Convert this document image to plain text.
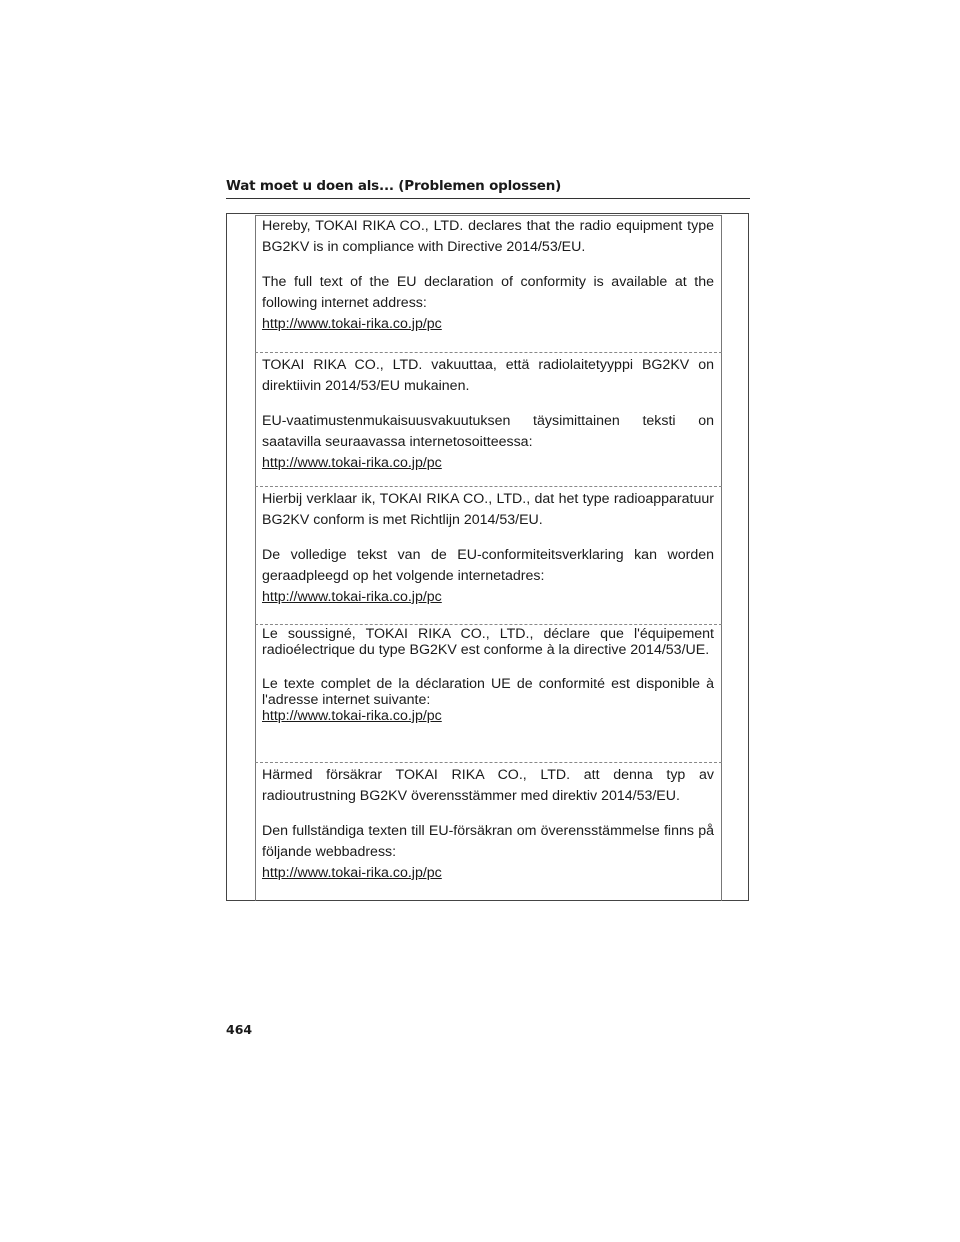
Wat moet u doen als... (Problemen oplossen)

Hereby, TOKAI RIKA CO., LTD. declares that the radio equipment type BG2KV is in compliance with Directive 2014/53/EU.

The full text of the EU declaration of conformity is available at the following internet address:

http://www.tokai-rika.co.jp/pc

TOKAI RIKA CO., LTD. vakuuttaa, että radiolaitetyyppi BG2KV on direktiivin 2014/53/EU mukainen.

EU-vaatimustenmukaisuusvakuutuksen täysimittainen teksti on saatavilla seuraavassa internetosoitteessa:

http://www.tokai-rika.co.jp/pc

Hierbij verklaar ik, TOKAI RIKA CO., LTD., dat het type radioapparatuur BG2KV conform is met Richtlijn 2014/53/EU.

De volledige tekst van de EU-conformiteitsverklaring kan worden geraadpleegd op het volgende internetadres:

http://www.tokai-rika.co.jp/pc

Le soussigné, TOKAI RIKA CO., LTD., déclare que l'équipement radioélectrique du type BG2KV est conforme à la directive 2014/53/UE.

Le texte complet de la déclaration UE de conformité est disponible à l'adresse internet suivante:

http://www.tokai-rika.co.jp/pc

Härmed försäkrar TOKAI RIKA CO., LTD. att denna typ av radioutrustning BG2KV överensstämmer med direktiv 2014/53/EU.

Den fullständiga texten till EU-försäkran om överensstämmelse finns på följande webbadress:

http://www.tokai-rika.co.jp/pc
464
